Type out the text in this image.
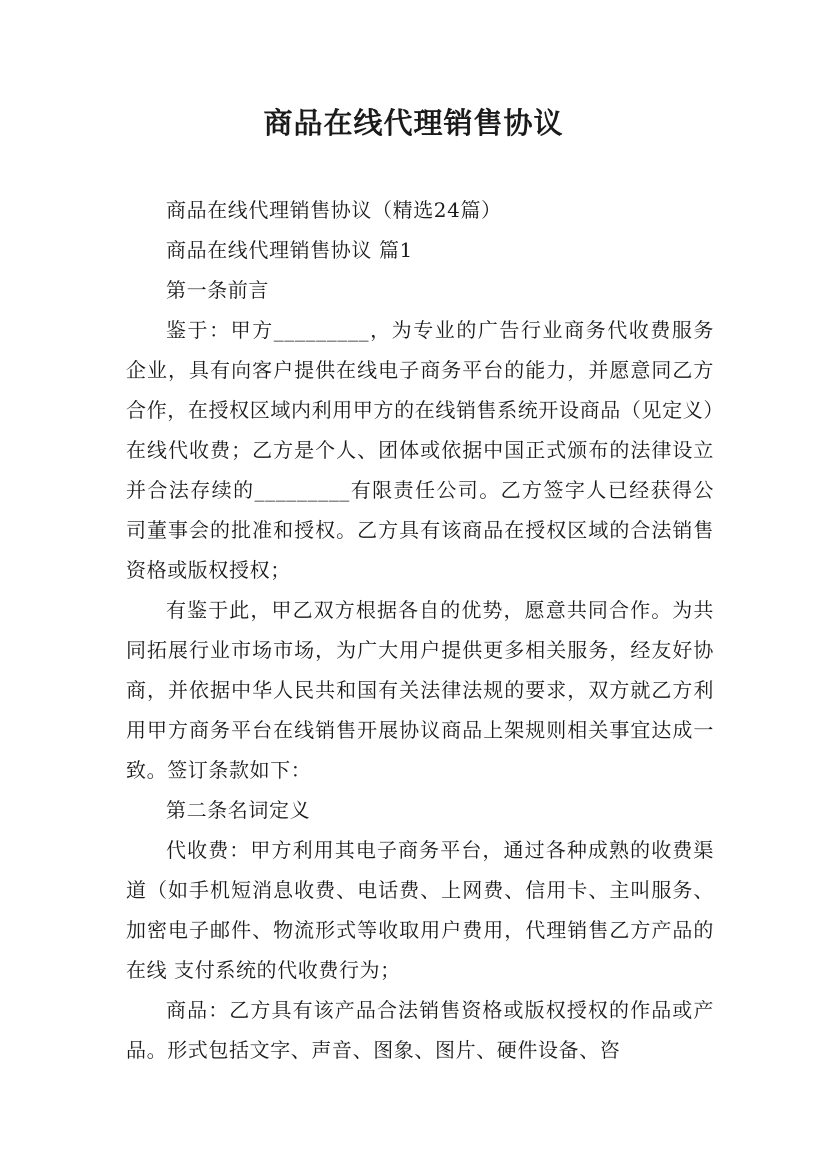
商品在线代理销售协议

商品在线代理销售协议（精选24篇）

商品在线代理销售协议 篇1

第一条前言

鉴于：甲方_________，为专业的广告行业商务代收费服务企业，具有向客户提供在线电子商务平台的能力，并愿意同乙方合作，在授权区域内利用甲方的在线销售系统开设商品（见定义）在线代收费；乙方是个人、团体或依据中国正式颁布的法律设立并合法存续的_________有限责任公司。乙方签字人已经获得公司董事会的批准和授权。乙方具有该商品在授权区域的合法销售资格或版权授权；

有鉴于此，甲乙双方根据各自的优势，愿意共同合作。为共同拓展行业市场市场，为广大用户提供更多相关服务，经友好协商，并依据中华人民共和国有关法律法规的要求，双方就乙方利用甲方商务平台在线销售开展协议商品上架规则相关事宜达成一致。签订条款如下：

第二条名词定义

代收费：甲方利用其电子商务平台，通过各种成熟的收费渠道（如手机短消息收费、电话费、上网费、信用卡、主叫服务、加密电子邮件、物流形式等收取用户费用，代理销售乙方产品的在线 支付系统的代收费行为；

商品：乙方具有该产品合法销售资格或版权授权的作品或产品。形式包括文字、声音、图象、图片、硬件设备、咨
